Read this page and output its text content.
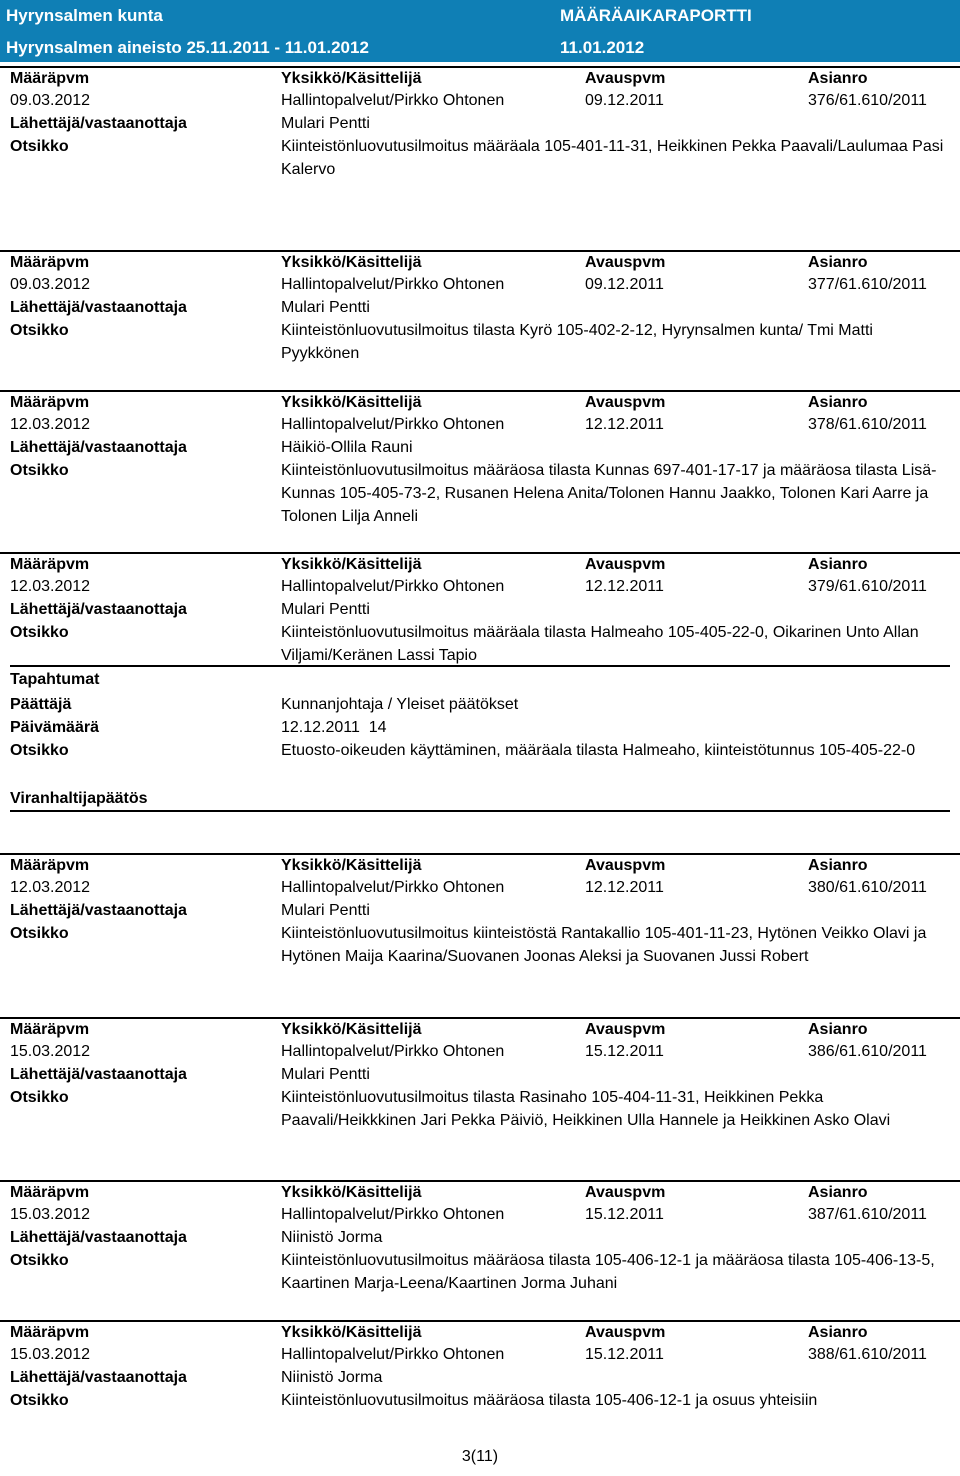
Hyrynsalmen kunta	MÄÄRÄAIKARAPORTTI
Hyrynsalmen aineisto 25.11.2011 - 11.01.2012	11.01.2012
Määräpvm	Yksikkö/Käsittelijä	Avauspvm	Asianro
09.03.2012	Hallintopalvelut/Pirkko Ohtonen	09.12.2011	376/61.610/2011
Lähettäjä/vastaanottaja	Mulari Pentti
Otsikko	Kiinteistönluovutusilmoitus määräala 105-401-11-31, Heikkinen Pekka Paavali/Laulumaa Pasi Kalervo
Määräpvm	Yksikkö/Käsittelijä	Avauspvm	Asianro
09.03.2012	Hallintopalvelut/Pirkko Ohtonen	09.12.2011	377/61.610/2011
Lähettäjä/vastaanottaja	Mulari Pentti
Otsikko	Kiinteistönluovutusilmoitus tilasta Kyrö 105-402-2-12, Hyrynsalmen kunta/ Tmi Matti Pyykkönen
Määräpvm	Yksikkö/Käsittelijä	Avauspvm	Asianro
12.03.2012	Hallintopalvelut/Pirkko Ohtonen	12.12.2011	378/61.610/2011
Lähettäjä/vastaanottaja	Häikiö-Ollila Rauni
Otsikko	Kiinteistönluovutusilmoitus määräosa tilasta Kunnas 697-401-17-17 ja määräosa tilasta Lisä-Kunnas 105-405-73-2, Rusanen Helena Anita/Tolonen Hannu Jaakko, Tolonen Kari Aarre ja Tolonen Lilja Anneli
Määräpvm	Yksikkö/Käsittelijä	Avauspvm	Asianro
12.03.2012	Hallintopalvelut/Pirkko Ohtonen	12.12.2011	379/61.610/2011
Lähettäjä/vastaanottaja	Mulari Pentti
Otsikko	Kiinteistönluovutusilmoitus määräala tilasta Halmeaho 105-405-22-0, Oikarinen Unto Allan Viljami/Keränen Lassi Tapio
Tapahtumat
Päättäjä	Kunnanjohtaja / Yleiset päätökset
Päivämäärä	12.12.2011  14
Otsikko	Etuosto-oikeuden käyttäminen, määräala tilasta Halmeaho, kiinteistötunnus 105-405-22-0
Viranhaltijapäätös
Määräpvm	Yksikkö/Käsittelijä	Avauspvm	Asianro
12.03.2012	Hallintopalvelut/Pirkko Ohtonen	12.12.2011	380/61.610/2011
Lähettäjä/vastaanottaja	Mulari Pentti
Otsikko	Kiinteistönluovutusilmoitus kiinteistöstä Rantakallio 105-401-11-23, Hytönen Veikko Olavi ja Hytönen Maija Kaarina/Suovanen Joonas Aleksi ja Suovanen Jussi Robert
Määräpvm	Yksikkö/Käsittelijä	Avauspvm	Asianro
15.03.2012	Hallintopalvelut/Pirkko Ohtonen	15.12.2011	386/61.610/2011
Lähettäjä/vastaanottaja	Mulari Pentti
Otsikko	Kiinteistönluovutusilmoitus tilasta Rasinaho 105-404-11-31, Heikkinen Pekka Paavali/Heikkkinen Jari Pekka Päiviö, Heikkinen Ulla Hannele ja Heikkinen Asko Olavi
Määräpvm	Yksikkö/Käsittelijä	Avauspvm	Asianro
15.03.2012	Hallintopalvelut/Pirkko Ohtonen	15.12.2011	387/61.610/2011
Lähettäjä/vastaanottaja	Niinistö Jorma
Otsikko	Kiinteistönluovutusilmoitus määräosa tilasta 105-406-12-1 ja määräosa tilasta 105-406-13-5, Kaartinen Marja-Leena/Kaartinen Jorma Juhani
Määräpvm	Yksikkö/Käsittelijä	Avauspvm	Asianro
15.03.2012	Hallintopalvelut/Pirkko Ohtonen	15.12.2011	388/61.610/2011
Lähettäjä/vastaanottaja	Niinistö Jorma
Otsikko	Kiinteistönluovutusilmoitus määräosa tilasta 105-406-12-1 ja osuus yhteisiin
3(11)
